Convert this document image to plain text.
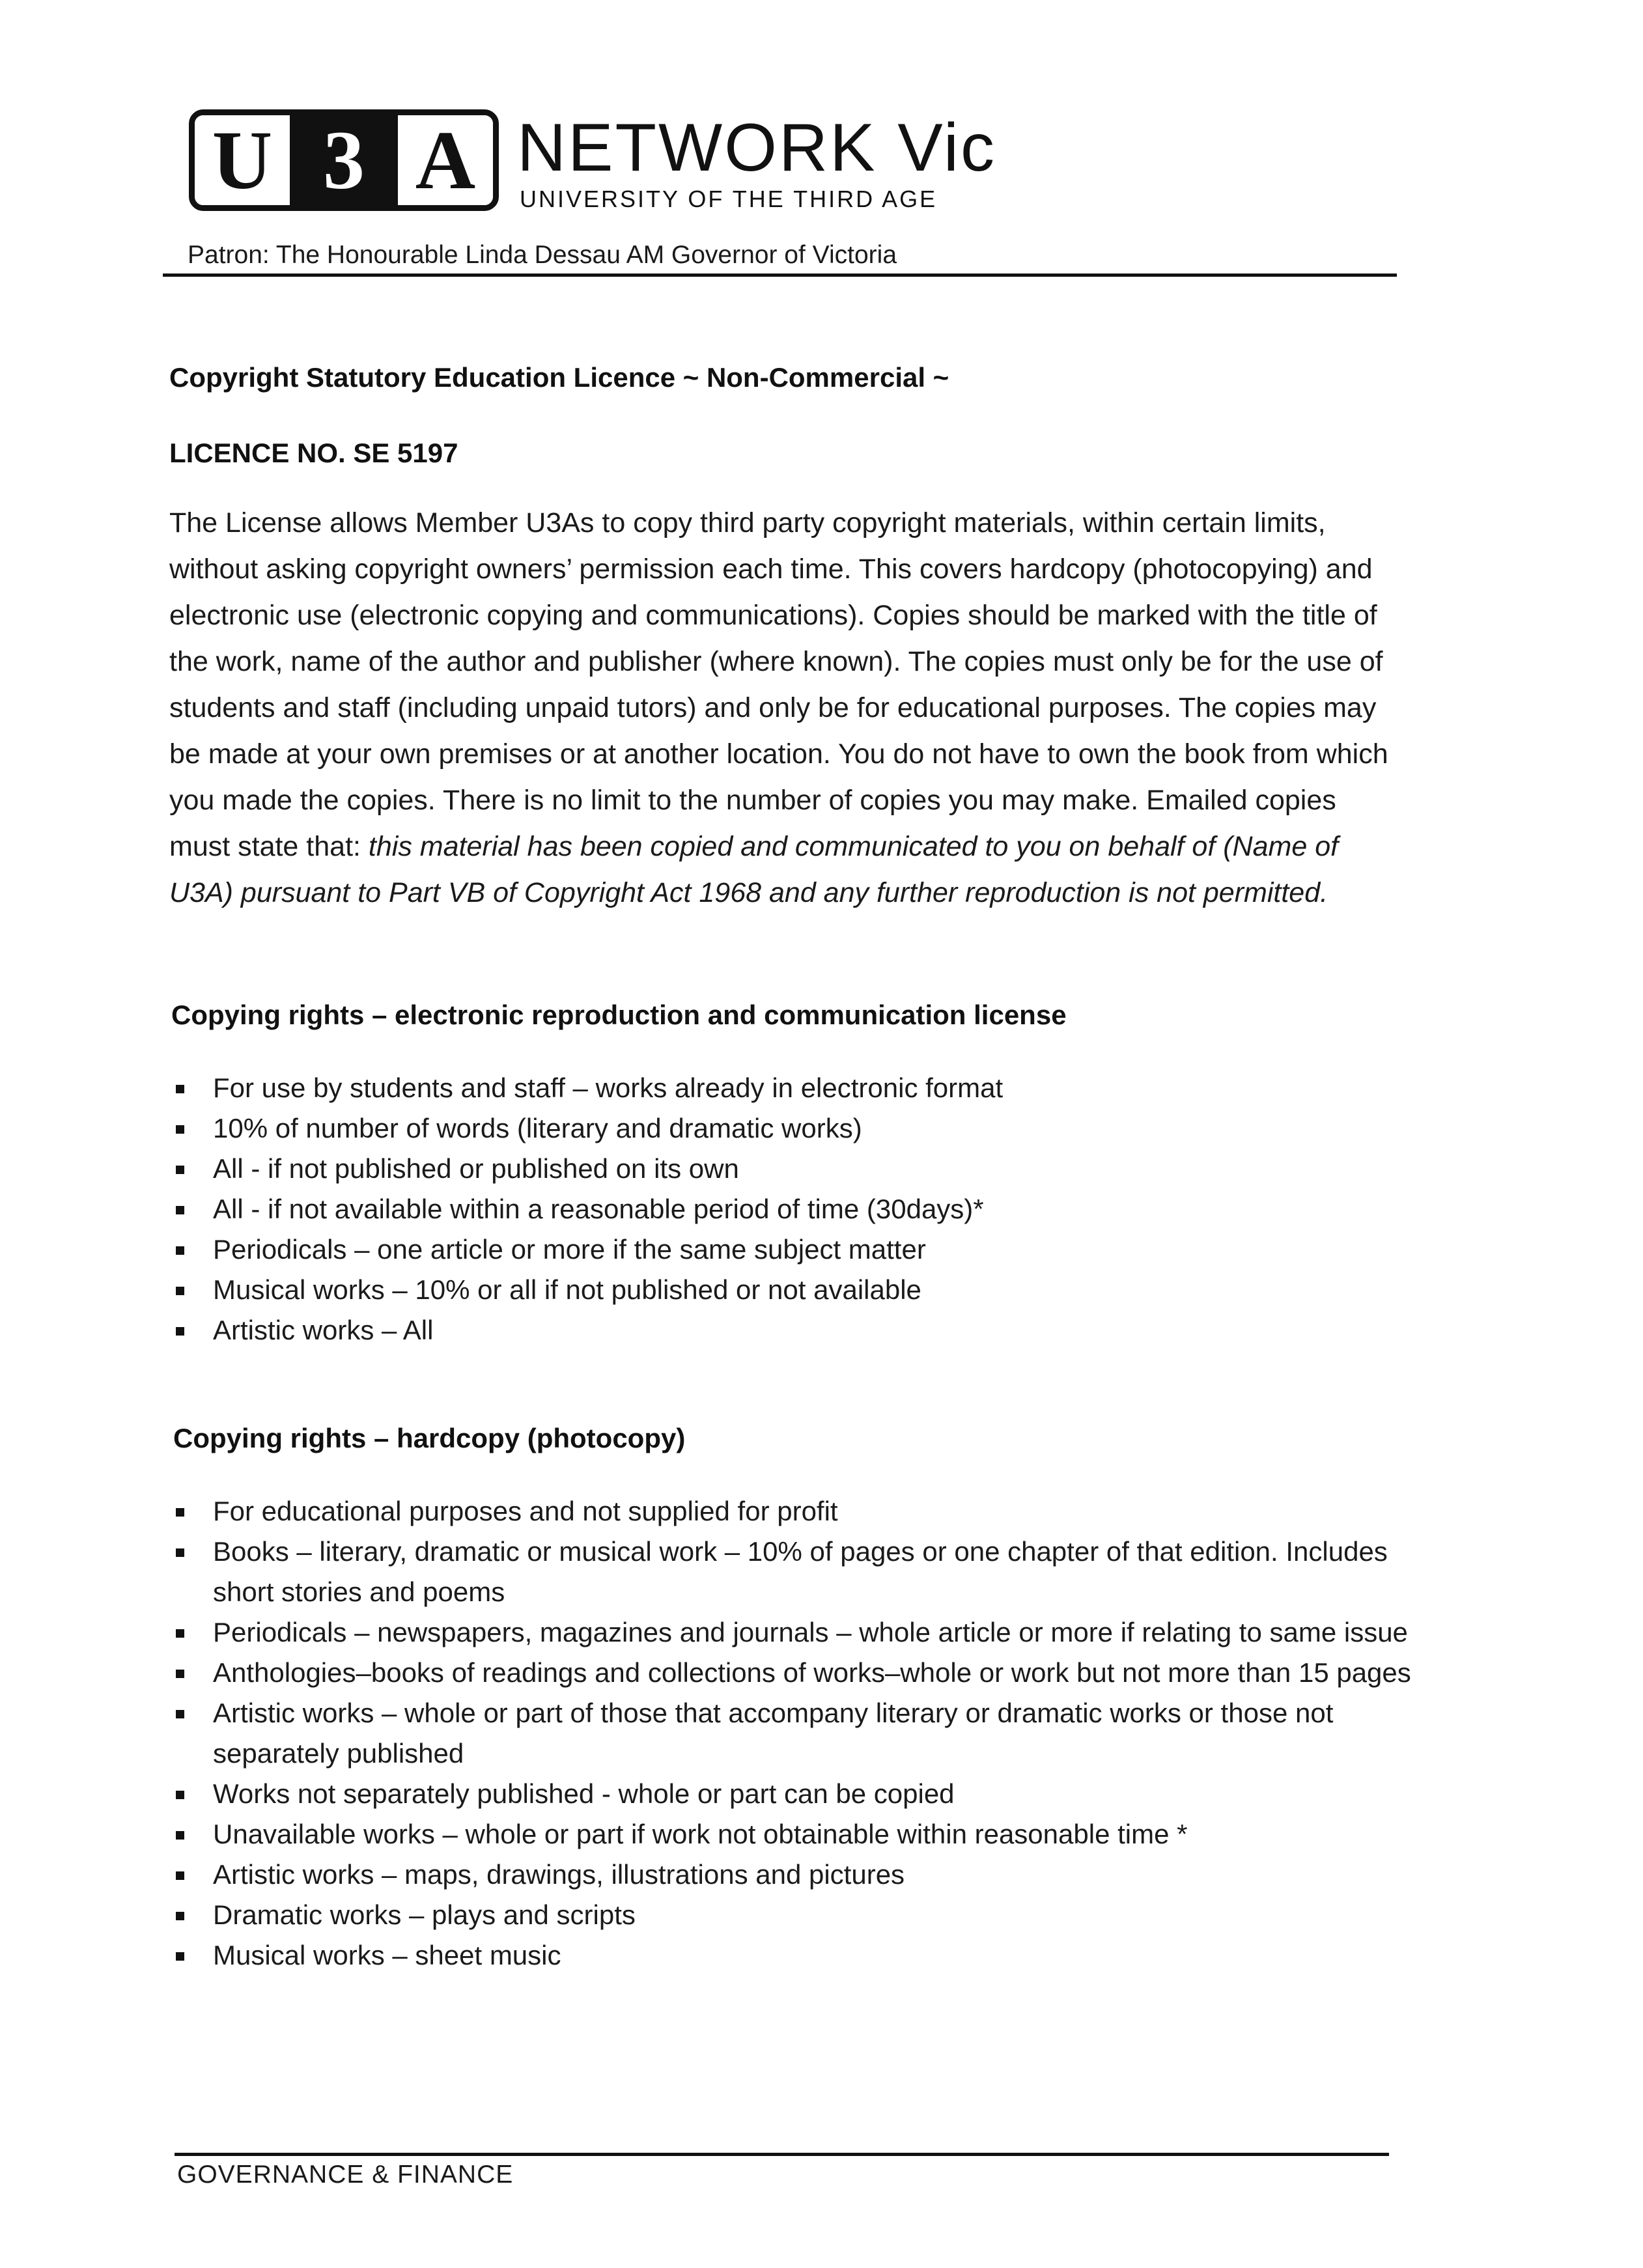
U 3 A NETWORK Vic
UNIVERSITY OF THE THIRD AGE
Patron: The Honourable Linda Dessau AM Governor of Victoria
Copyright Statutory Education Licence ~ Non-Commercial ~
LICENCE NO. SE 5197

The License allows Member U3As to copy third party copyright materials, within certain limits, without asking copyright owners’ permission each time. This covers hardcopy (photocopying) and electronic use (electronic copying and communications). Copies should be marked with the title of the work, name of the author and publisher (where known). The copies must only be for the use of students and staff (including unpaid tutors) and only be for educational purposes. The copies may be made at your own premises or at another location. You do not have to own the book from which you made the copies. There is no limit to the number of copies you may make. Emailed copies must state that: this material has been copied and communicated to you on behalf of (Name of U3A) pursuant to Part VB of Copyright Act 1968 and any further reproduction is not permitted.

Copying rights – electronic reproduction and communication license
For use by students and staff – works already in electronic format
10% of number of words (literary and dramatic works)
All - if not published or published on its own
All - if not available within a reasonable period of time (30days)*
Periodicals – one article or more if the same subject matter
Musical works – 10% or all if not published or not available
Artistic works – All
Copying rights – hardcopy (photocopy)
For educational purposes and not supplied for profit
Books – literary, dramatic or musical work – 10% of pages or one chapter of that edition. Includes short stories and poems
Periodicals – newspapers, magazines and journals – whole article or more if relating to same issue
Anthologies–books of readings and collections of works–whole or work but not more than 15 pages
Artistic works – whole or part of those that accompany literary or dramatic works or those not separately published
Works not separately published - whole or part can be copied
Unavailable works – whole or part if work not obtainable within reasonable time *
Artistic works – maps, drawings, illustrations and pictures
Dramatic works – plays and scripts
Musical works – sheet music
GOVERNANCE & FINANCE
